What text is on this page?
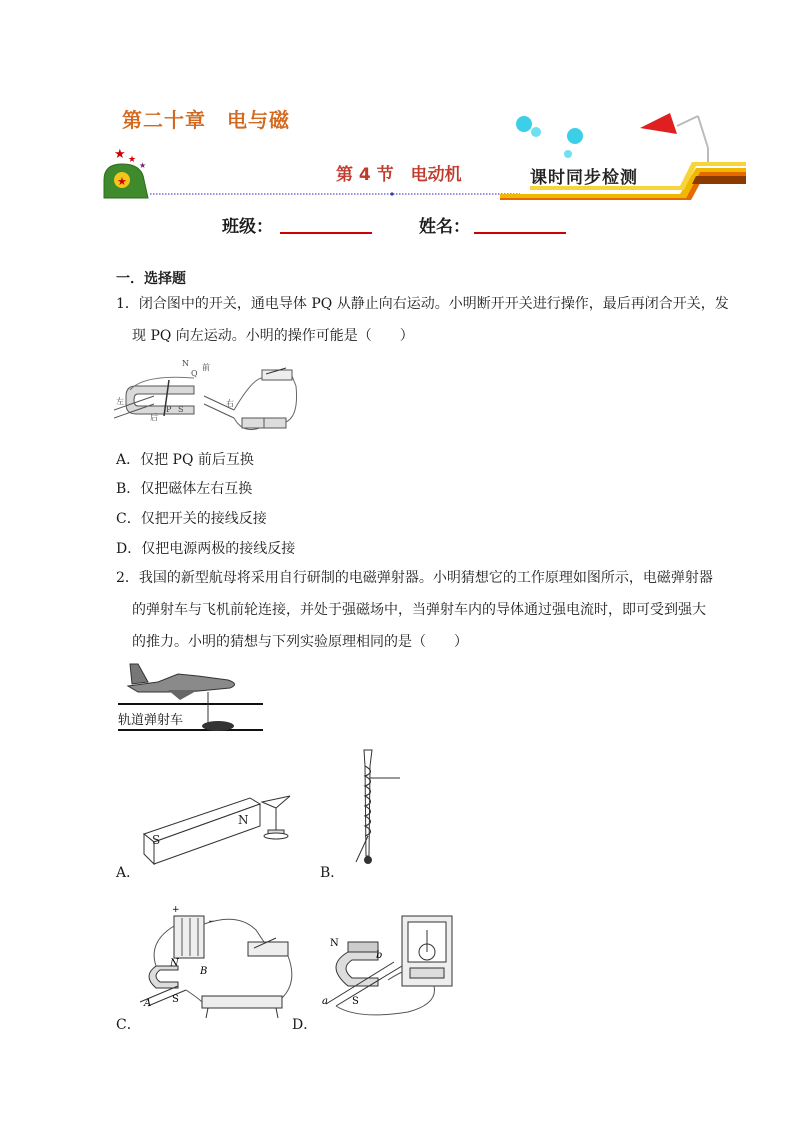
第二十章　电与磁
★ ★
★
★	第 4 节　电动机	课时同步检测
班级：	姓名：
一．选择题
1．闭合图中的开关，通电导体 PQ 从静止向右运动。小明断开开关进行操作，最后再闭合开关，发
现 PQ 向左运动。小明的操作可能是（　　）
N
Q
前
左
P S
后
右
A．仅把 PQ 前后互换
B．仅把磁体左右互换
C．仅把开关的接线反接
D．仅把电源两极的接线反接
2．我国的新型航母将采用自行研制的电磁弹射器。小明猜想它的工作原理如图所示，电磁弹射器
的弹射车与飞机前轮连接，并处于强磁场中，当弹射车内的导体通过强电流时，即可受到强大
的推力。小明的猜想与下列实验原理相同的是（　　）
轨道弹射车
S
N
A．	B．
+
−
N
B
A S
C．
N
b
a S
D．
